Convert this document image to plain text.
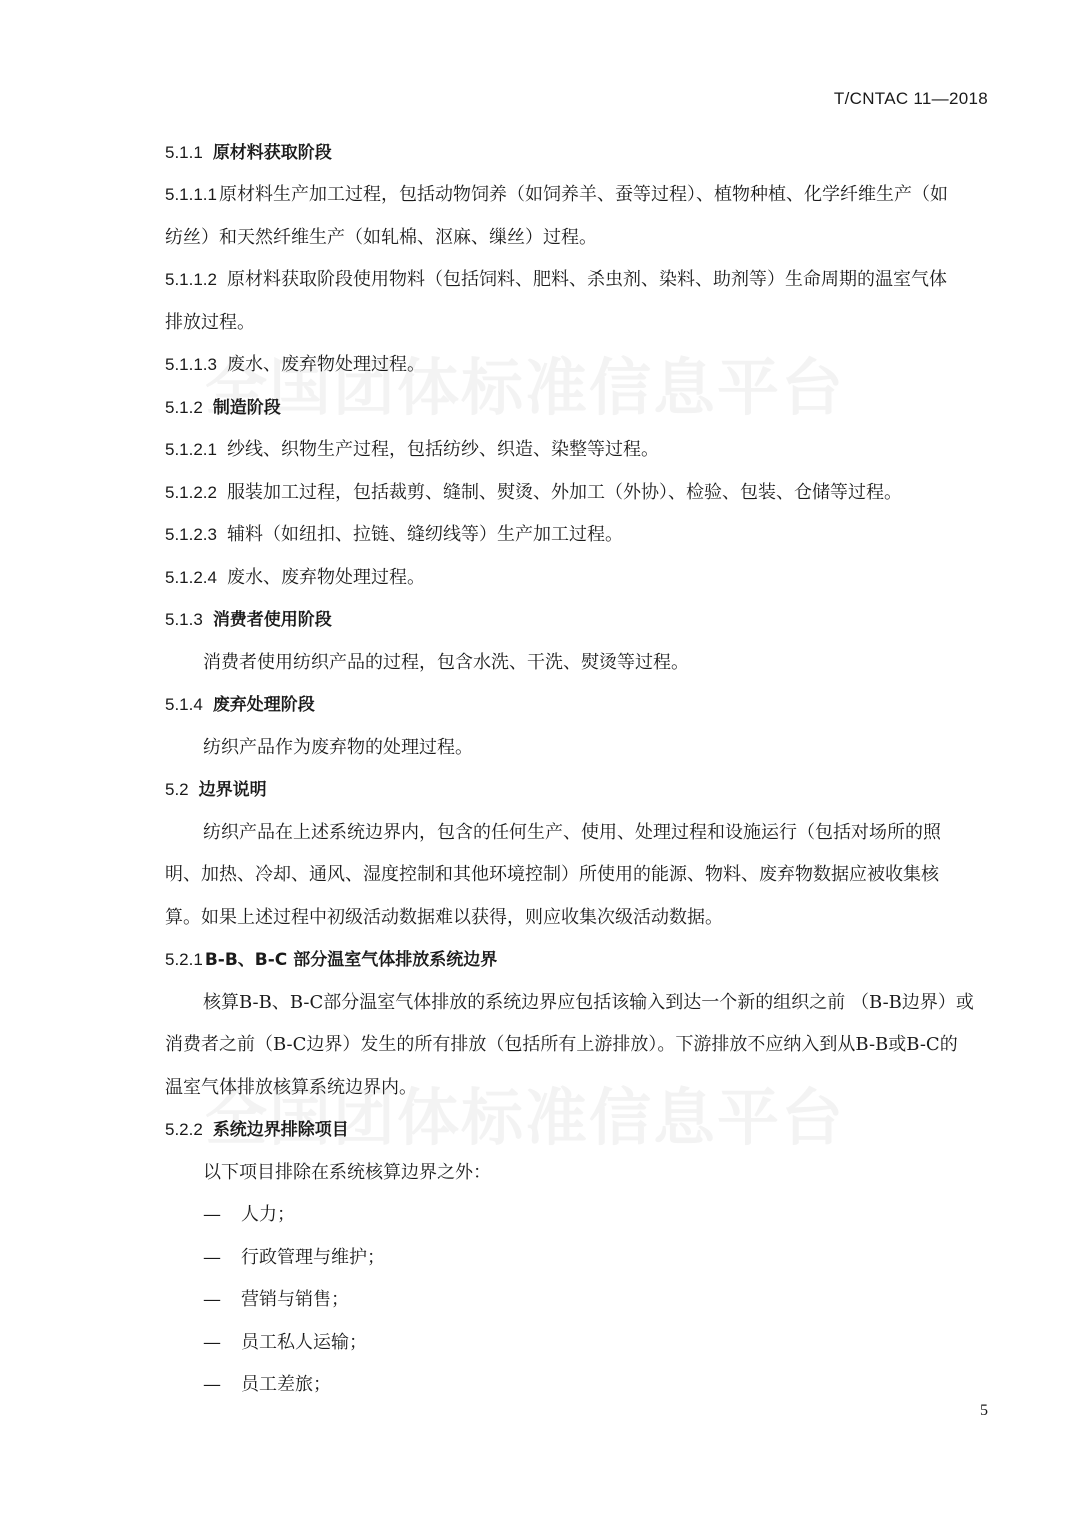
T/CNTAC 11—2018
5.1.1 原材料获取阶段
5.1.1.1 原材料生产加工过程，包括动物饲养（如饲养羊、蚕等过程）、植物种植、化学纤维生产（如
纺丝）和天然纤维生产（如轧棉、沤麻、缫丝）过程。
5.1.1.2 原材料获取阶段使用物料（包括饲料、肥料、杀虫剂、染料、助剂等）生命周期的温室气体
排放过程。
5.1.1.3 废水、废弃物处理过程。
5.1.2 制造阶段
5.1.2.1 纱线、织物生产过程，包括纺纱、织造、染整等过程。
5.1.2.2 服装加工过程，包括裁剪、缝制、熨烫、外加工（外协）、检验、包装、仓储等过程。
5.1.2.3 辅料（如纽扣、拉链、缝纫线等）生产加工过程。
5.1.2.4 废水、废弃物处理过程。
5.1.3 消费者使用阶段
消费者使用纺织产品的过程，包含水洗、干洗、熨烫等过程。
5.1.4 废弃处理阶段
纺织产品作为废弃物的处理过程。
5.2 边界说明
纺织产品在上述系统边界内，包含的任何生产、使用、处理过程和设施运行（包括对场所的照
明、加热、冷却、通风、湿度控制和其他环境控制）所使用的能源、物料、废弃物数据应被收集核
算。如果上述过程中初级活动数据难以获得，则应收集次级活动数据。
5.2.1 B-B、B-C 部分温室气体排放系统边界
核算B-B、B-C部分温室气体排放的系统边界应包括该输入到达一个新的组织之前 （B-B边界）或
消费者之前（B-C边界）发生的所有排放（包括所有上游排放）。下游排放不应纳入到从B-B或B-C的
温室气体排放核算系统边界内。
5.2.2 系统边界排除项目
以下项目排除在系统核算边界之外：
— 人力；
— 行政管理与维护；
— 营销与销售；
— 员工私人运输；
— 员工差旅；
5
